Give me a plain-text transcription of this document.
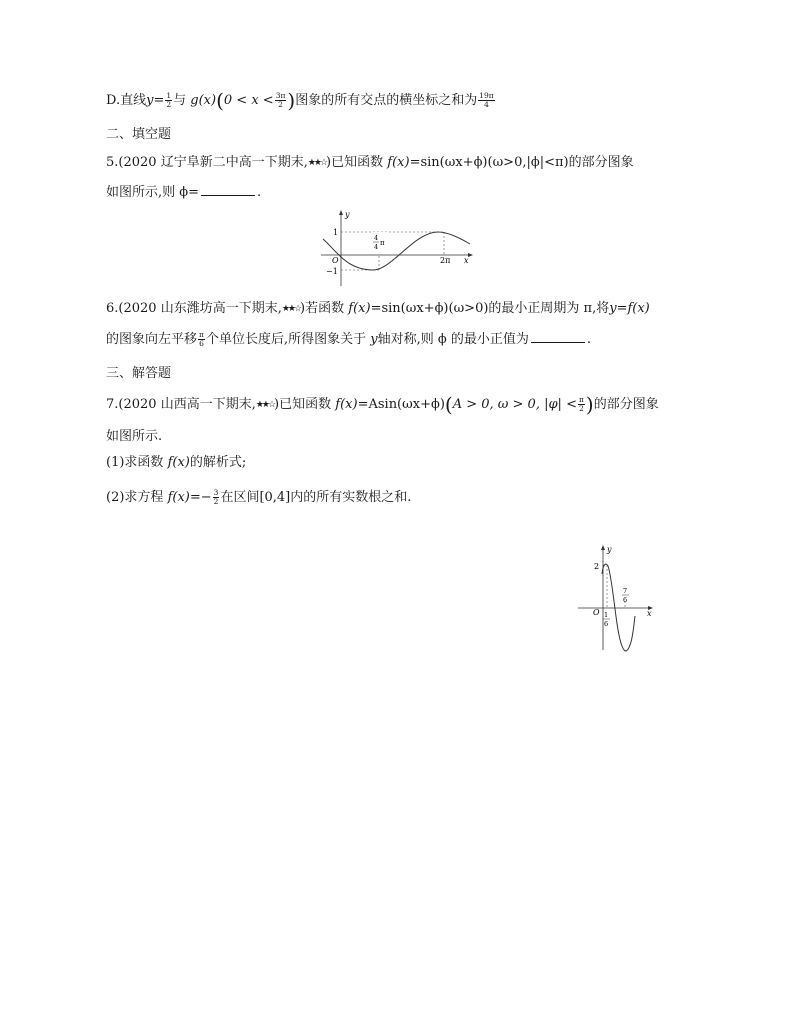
D.直线$y= \frac{1}{2}$ 与 $g(x)(0 < x < \frac{3\pi}{2}$ )图象的所有交点的横坐标之和为 $\frac{19\pi}{4}$
二、填空题
5.(2020 辽宁阜新二中高一下期末,★★☆)已知函数 f(x)=sin(ωx+ϕ)(ω>0,|ϕ|<π)的部分图象
如图所示,则 ϕ=	.
y
x
O
1
−1
4
4 π
2π
6.(2020 山东潍坊高一下期末,★★☆)若函数 f(x)=sin(ωx+ϕ)(ω>0)的最小正周期为 π,将y=f(x)
的图象向左平移 $\frac{\pi}{6}$ 个单位长度后,所得图象关于 y轴对称,则 ϕ 的最小正值为	.
三、解答题
7.(2020 山西高一下期末,★★☆)已知函数 f(x)=Asin(ωx+ϕ)(A > 0, ω > 0, $|\varphi| < \frac{\pi}{2}$ )的部分图象
如图所示.
(1)求函数 f(x)的解析式;
(2)求方程 $f(x)=- \frac{3}{2}$ 在区间[0,4]内的所有实数根之和.
y
x
O
2
1
6
7
6
